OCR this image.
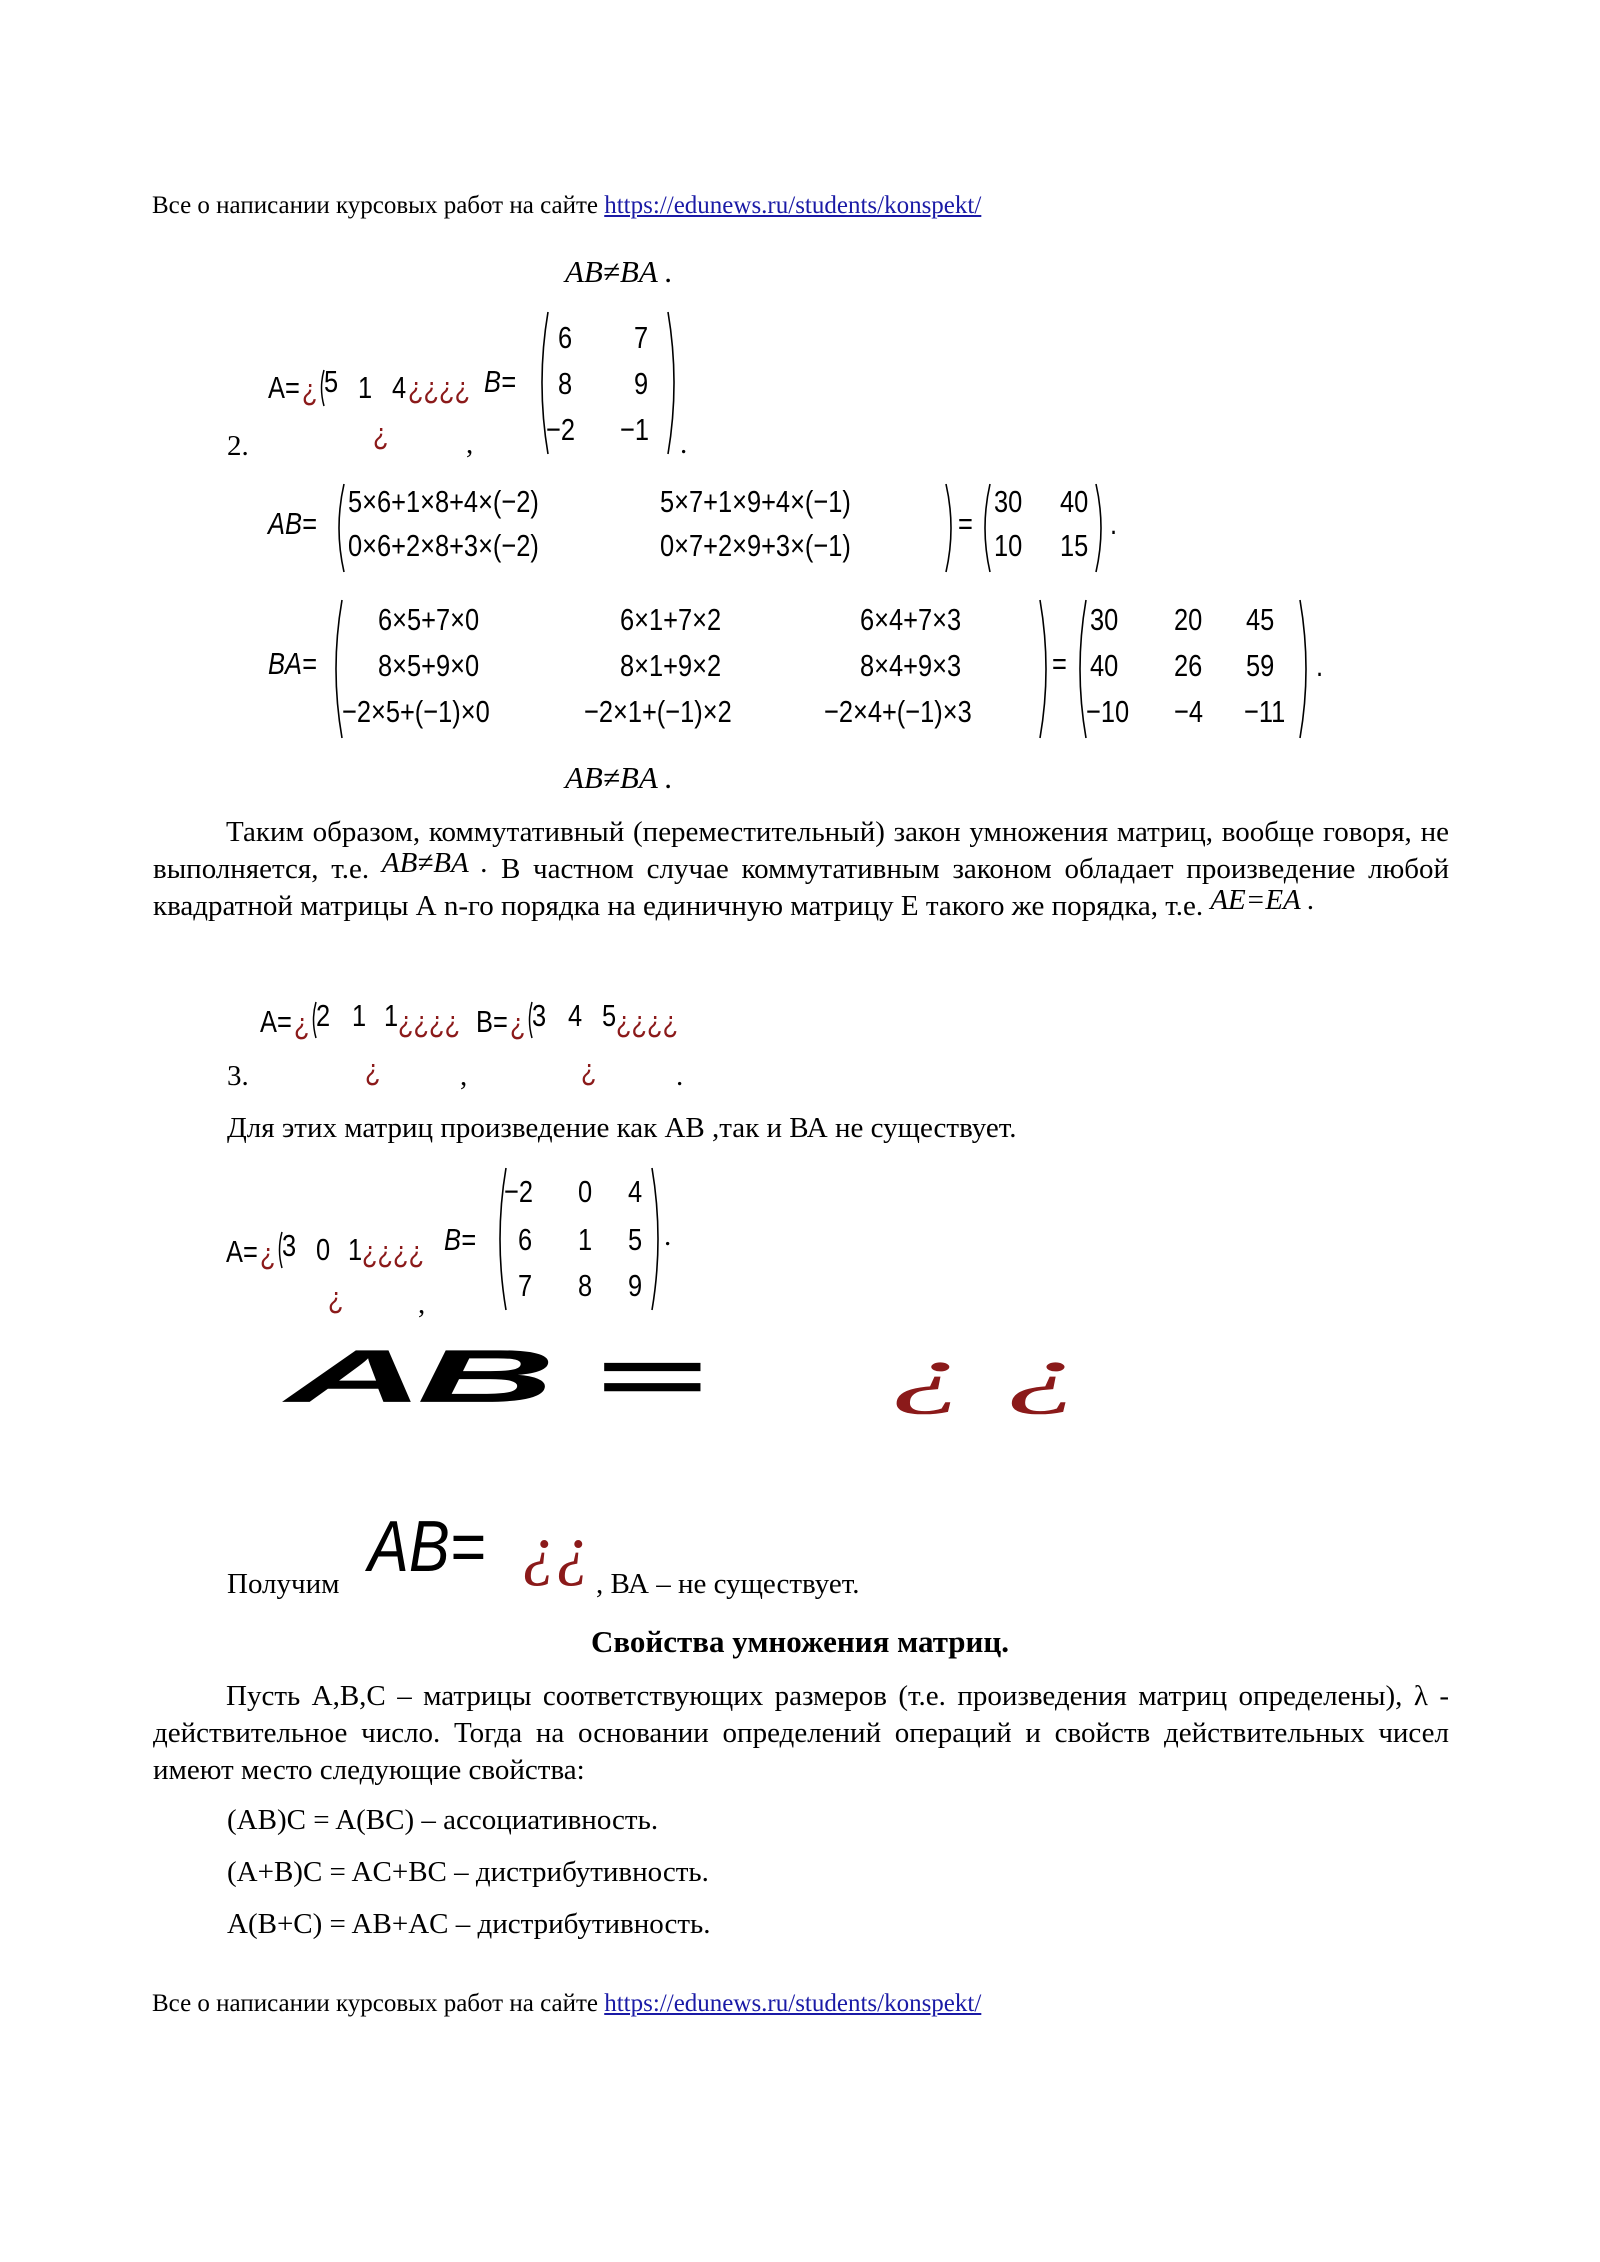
Все о написании курсовых работ на сайте https://edunews.ru/students/konspekt/
AB≠BA .
2.
A= ¿ 5 1 4 ¿¿¿¿
¿	,
B=
6 7
8 9
−2 −1 .
AB=
5×6+1×8+4×(−2)	5×7+1×9+4×(−1)
0×6+2×8+3×(−2)	0×7+2×9+3×(−1)
=
30 40
10 15
.
BA=
6×5+7×0	6×1+7×2	6×4+7×3
8×5+9×0	8×1+9×2	8×4+9×3
−2×5+(−1)×0	−2×1+(−1)×2	−2×4+(−1)×3
=
30 20 45
40 26 59
−10 −4 −11
.
AB≠BA .
Таким образом, коммутативный (переместительный) закон умножения матриц, вообще говоря, не выполняется, т.е. AB≠BA . В частном случае коммутативным законом обладает произведение любой квадратной матрицы А n-го порядка на единичную матрицу Е такого же порядка, т.е. AE=EA .
3.
A= ¿ 2 1 1 ¿¿¿¿
¿	,
B= ¿ 3 4 5 ¿¿¿¿
¿	.
Для этих матриц произведение как АВ ,так и ВА не существует.
A= ¿ 3 0 1 ¿¿¿¿
¿	,
B=
−2 0 4
6 1 5
7 8 9
.
AB = ¿ ¿
Получим AB= ¿¿ , ВА – не существует.
Свойства умножения матриц.
Пусть A,B,C – матрицы соответствующих размеров (т.е. произведения матриц определены), λ - действительное число. Тогда на основании определений операций и свойств действительных чисел имеют место следующие свойства:
(AB)C = A(BC) – ассоциативность.
(A+B)C = AC+BC – дистрибутивность.
A(B+C) = AB+AC – дистрибутивность.
Все о написании курсовых работ на сайте https://edunews.ru/students/konspekt/
